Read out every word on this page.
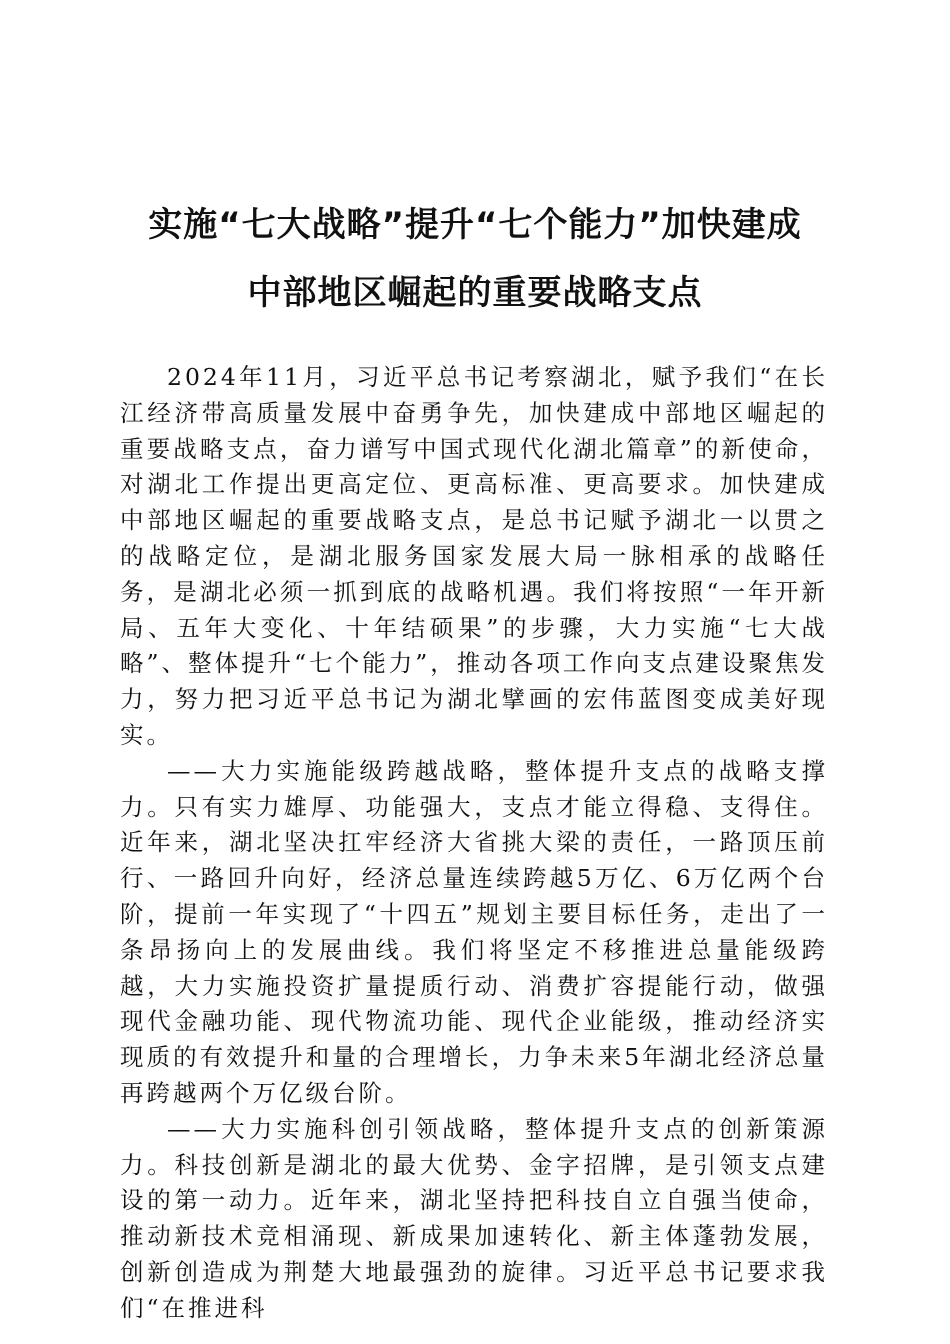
实施“七大战略”提升“七个能力”加快建成
中部地区崛起的重要战略支点

2024年11月，习近平总书记考察湖北，赋予我们“在长江经济带高质量发展中奋勇争先，加快建成中部地区崛起的重要战略支点，奋力谱写中国式现代化湖北篇章”的新使命，对湖北工作提出更高定位、更高标准、更高要求。加快建成中部地区崛起的重要战略支点，是总书记赋予湖北一以贯之的战略定位，是湖北服务国家发展大局一脉相承的战略任务，是湖北必须一抓到底的战略机遇。我们将按照“一年开新局、五年大变化、十年结硕果”的步骤，大力实施“七大战略”、整体提升“七个能力”，推动各项工作向支点建设聚焦发力，努力把习近平总书记为湖北擘画的宏伟蓝图变成美好现实。

——大力实施能级跨越战略，整体提升支点的战略支撑力。只有实力雄厚、功能强大，支点才能立得稳、支得住。近年来，湖北坚决扛牢经济大省挑大梁的责任，一路顶压前行、一路回升向好，经济总量连续跨越5万亿、6万亿两个台阶，提前一年实现了“十四五”规划主要目标任务，走出了一条昂扬向上的发展曲线。我们将坚定不移推进总量能级跨越，大力实施投资扩量提质行动、消费扩容提能行动，做强现代金融功能、现代物流功能、现代企业能级，推动经济实现质的有效提升和量的合理增长，力争未来5年湖北经济总量再跨越两个万亿级台阶。

——大力实施科创引领战略，整体提升支点的创新策源力。科技创新是湖北的最大优势、金字招牌，是引领支点建设的第一动力。近年来，湖北坚持把科技自立自强当使命，推动新技术竞相涌现、新成果加速转化、新主体蓬勃发展，创新创造成为荆楚大地最强劲的旋律。习近平总书记要求我们“在推进科
